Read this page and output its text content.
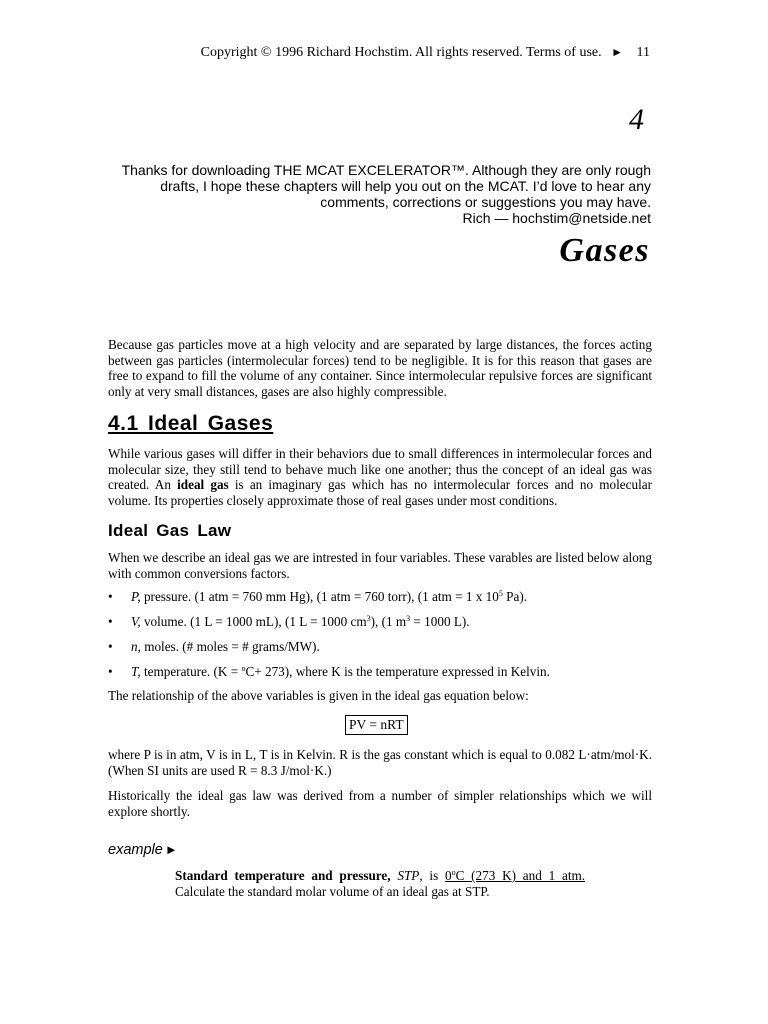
Copyright © 1996 Richard Hochstim. All rights reserved. Terms of use. ► 11
4
Thanks for downloading THE MCAT EXCELERATOR™. Although they are only rough
drafts, I hope these chapters will help you out on the MCAT. I’d love to hear any
comments, corrections or suggestions you may have.
Rich — hochstim@netside.net
Gases

Because gas particles move at a high velocity and are separated by large distances, the forces acting between gas particles (intermolecular forces) tend to be negligible. It is for this reason that gases are free to expand to fill the volume of any container. Since intermolecular repulsive forces are significant only at very small distances, gases are also highly compressible.

4.1 Ideal Gases

While various gases will differ in their behaviors due to small differences in intermolecular forces and molecular size, they still tend to behave much like one another; thus the concept of an ideal gas was created. An ideal gas is an imaginary gas which has no intermolecular forces and no molecular volume. Its properties closely approximate those of real gases under most conditions.

Ideal Gas Law

When we describe an ideal gas we are intrested in four variables. These varables are listed below along with common conversions factors.

• P, pressure. (1 atm = 760 mm Hg), (1 atm = 760 torr), (1 atm = 1 x $10^5$ Pa).
• V, volume. (1 L = 1000 mL), (1 L = 1000 $cm^3$), (1 $m^3 = 1000$ L).
• n, moles. (# moles = # grams/MW).
• T, temperature. (K = $^o$C+ 273), where K is the temperature expressed in Kelvin.

The relationship of the above variables is given in the ideal gas equation below:

PV = nRT

where P is in atm, V is in L, T is in Kelvin. R is the gas constant which is equal to 0.082 L·atm/mol·K. (When SI units are used R = 8.3 J/mol·K.)

Historically the ideal gas law was derived from a number of simpler relationships which we will explore shortly.

example ►

Standard temperature and pressure, STP, is 0$^o$C (273 K) and 1 atm. Calculate the standard molar volume of an ideal gas at STP.
